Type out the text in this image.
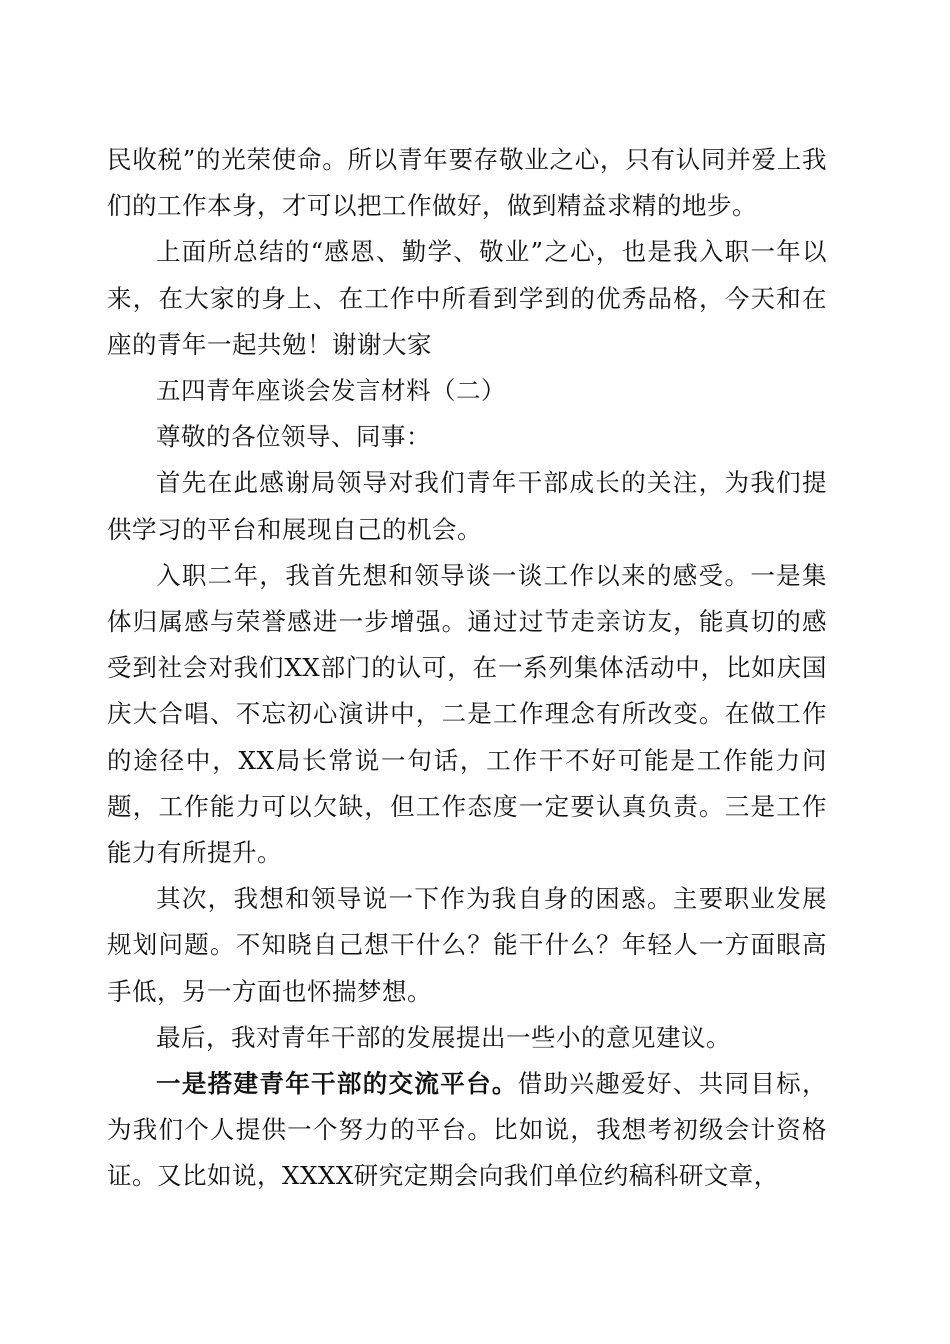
民收税”的光荣使命。所以青年要存敬业之心，只有认同并爱上我们的工作本身，才可以把工作做好，做到精益求精的地步。

上面所总结的“感恩、勤学、敬业”之心，也是我入职一年以来，在大家的身上、在工作中所看到学到的优秀品格，今天和在座的青年一起共勉！谢谢大家

五四青年座谈会发言材料（二）

尊敬的各位领导、同事：

首先在此感谢局领导对我们青年干部成长的关注，为我们提供学习的平台和展现自己的机会。

入职二年，我首先想和领导谈一谈工作以来的感受。一是集体归属感与荣誉感进一步增强。通过过节走亲访友，能真切的感受到社会对我们XX部门的认可，在一系列集体活动中，比如庆国庆大合唱、不忘初心演讲中，二是工作理念有所改变。在做工作的途径中，XX局长常说一句话，工作干不好可能是工作能力问题，工作能力可以欠缺，但工作态度一定要认真负责。三是工作能力有所提升。

其次，我想和领导说一下作为我自身的困惑。主要职业发展规划问题。不知晓自己想干什么？能干什么？年轻人一方面眼高手低，另一方面也怀揣梦想。

最后，我对青年干部的发展提出一些小的意见建议。

一是搭建青年干部的交流平台。借助兴趣爱好、共同目标，为我们个人提供一个努力的平台。比如说，我想考初级会计资格证。又比如说，XXXX研究定期会向我们单位约稿科研文章，
